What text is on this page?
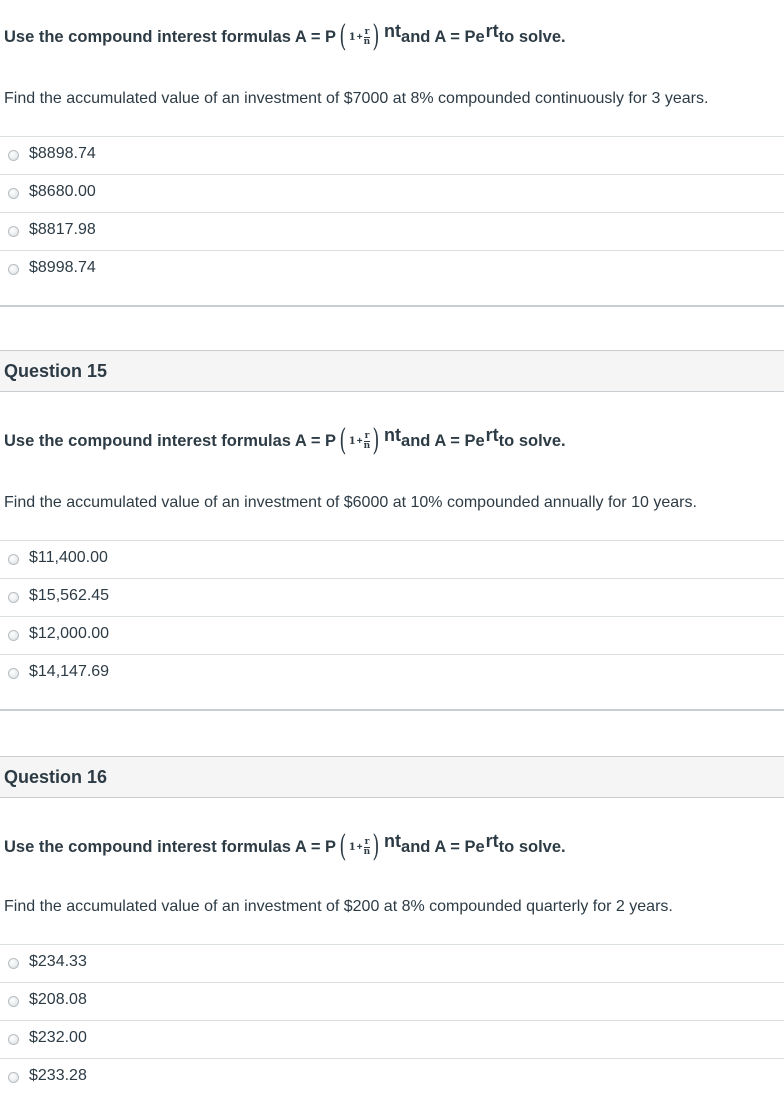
Use the compound interest formulas A = P ( $1 + \frac{r}{n}$ ) nt and A = Pe rt to solve.
Find the accumulated value of an investment of $7000 at 8% compounded continuously for 3 years.
$8898.74
$8680.00
$8817.98
$8998.74
Question 15
Use the compound interest formulas A = P ( $1 + \frac{r}{n}$ ) nt and A = Pe rt to solve.
Find the accumulated value of an investment of $6000 at 10% compounded annually for 10 years.
$11,400.00
$15,562.45
$12,000.00
$14,147.69
Question 16
Use the compound interest formulas A = P ( $1 + \frac{r}{n}$ ) nt and A = Pe rt to solve.
Find the accumulated value of an investment of $200 at 8% compounded quarterly for 2 years.
$234.33
$208.08
$232.00
$233.28
